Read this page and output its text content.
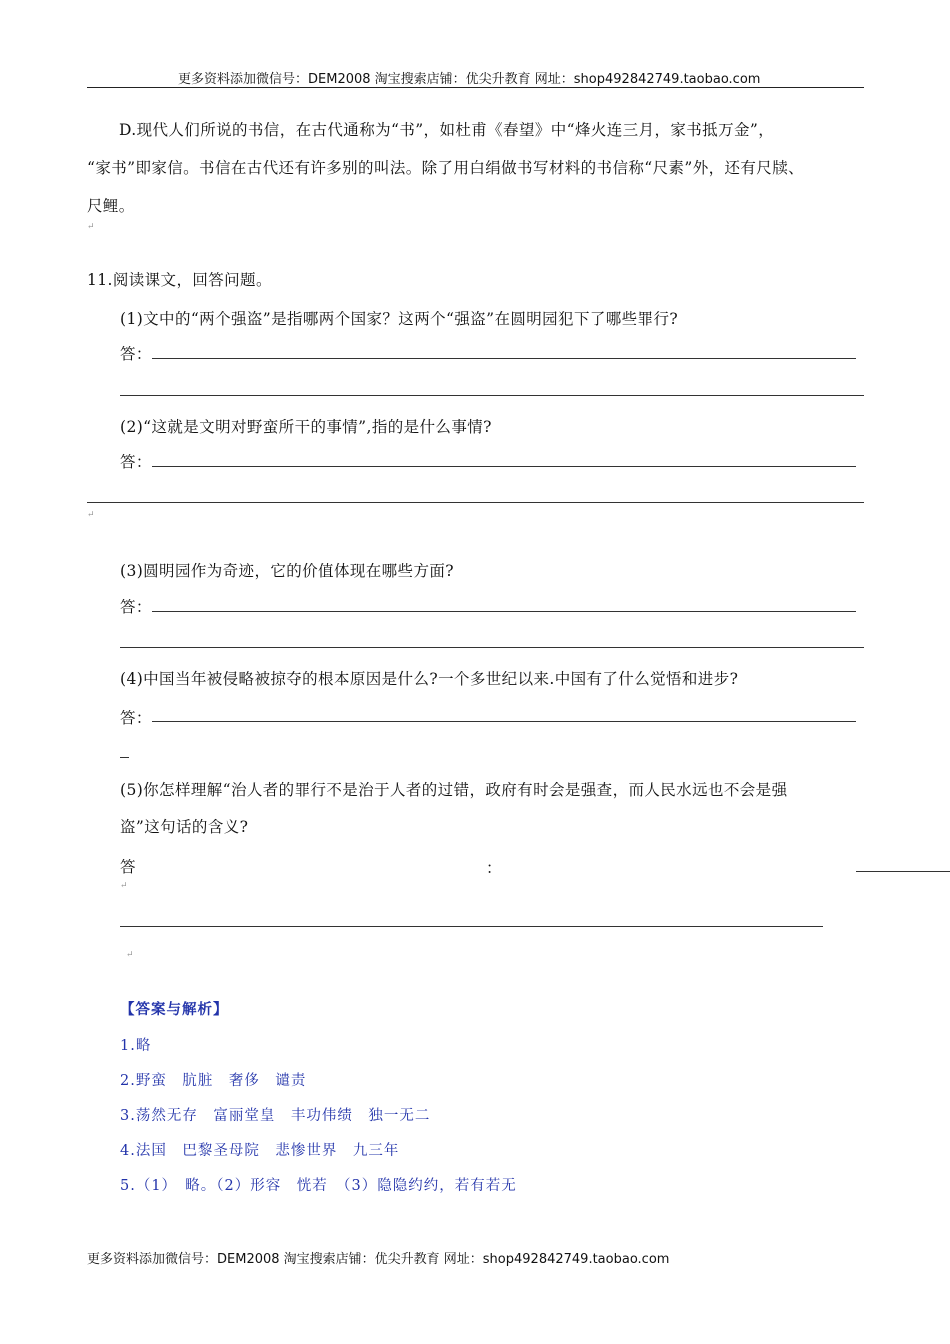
更多资料添加微信号：DEM2008 淘宝搜索店铺：优尖升教育 网址：shop492842749.taobao.com
D.现代人们所说的书信，在古代通称为“书”，如杜甫《春望》中“烽火连三月，家书抵万金”，
“家书”即家信。书信在古代还有许多别的叫法。除了用白绢做书写材料的书信称“尺素”外，还有尺牍、
尺鲤。
↵
11.阅读课文，回答问题。
(1)文中的“两个强盗”是指哪两个国家？这两个“强盗”在圆明园犯下了哪些罪行?
答：
(2)“这就是文明对野蛮所干的事情”,指的是什么事情?
答：
↵
(3)圆明园作为奇迹，它的价值体现在哪些方面?
答：
(4)中国当年被侵略被掠夺的根本原因是什么?一个多世纪以来.中国有了什么觉悟和进步?
答：
(5)你怎样理解“治人者的罪行不是治于人者的过错，政府有时会是强查，而人民水远也不会是强
盗”这句话的含义?
答	：
↵
↵
【答案与解析】
1.略
2.野蛮　肮脏　奢侈　谴责
3.荡然无存　富丽堂皇　丰功伟绩　独一无二
4.法国　巴黎圣母院　悲惨世界　九三年
5.（1）　略。（2）形容　恍若　（3）隐隐约约，若有若无
更多资料添加微信号：DEM2008 淘宝搜索店铺：优尖升教育 网址：shop492842749.taobao.com
